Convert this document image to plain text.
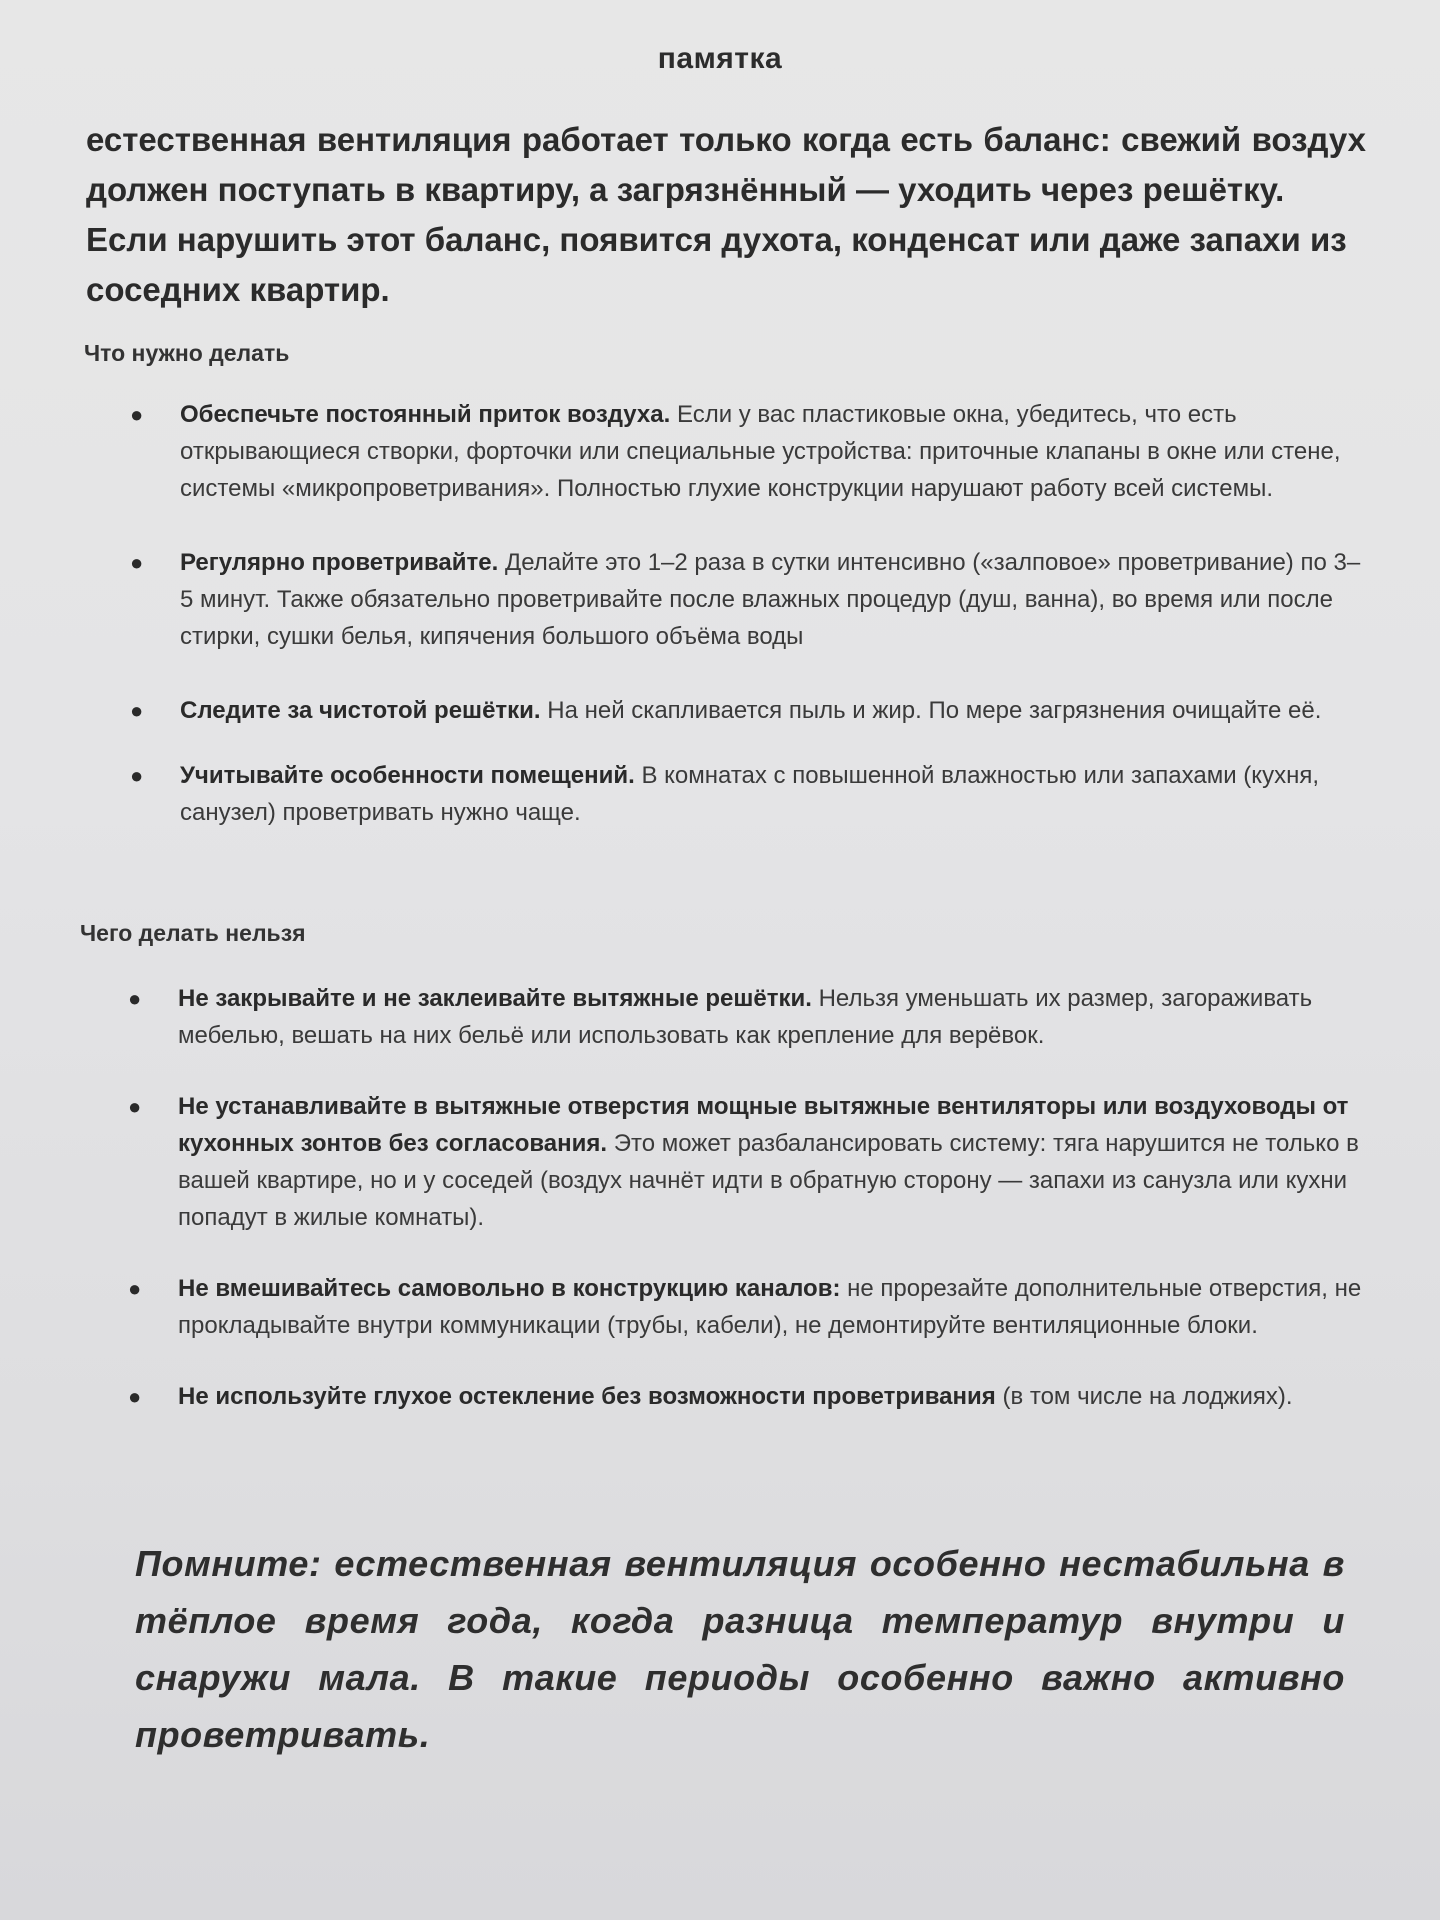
памятка
естественная вентиляция работает только когда есть баланс: свежий воздух
должен поступать в квартиру, а загрязнённый — уходить через решётку.
Если нарушить этот баланс, появится духота, конденсат или даже запахи из
соседних квартир.
Что нужно делать
● Обеспечьте постоянный приток воздуха. Если у вас пластиковые окна, убедитесь, что есть открывающиеся створки, форточки или специальные устройства: приточные клапаны в окне или стене, системы «микропроветривания». Полностью глухие конструкции нарушают работу всей системы.
● Регулярно проветривайте. Делайте это 1–2 раза в сутки интенсивно («залповое» проветривание) по 3–5 минут. Также обязательно проветривайте после влажных процедур (душ, ванна), во время или после стирки, сушки белья, кипячения большого объёма воды
● Следите за чистотой решётки. На ней скапливается пыль и жир. По мере загрязнения очищайте её.
● Учитывайте особенности помещений. В комнатах с повышенной влажностью или запахами (кухня, санузел) проветривать нужно чаще.
Чего делать нельзя
● Не закрывайте и не заклеивайте вытяжные решётки. Нельзя уменьшать их размер, загораживать мебелью, вешать на них бельё или использовать как крепление для верёвок.
● Не устанавливайте в вытяжные отверстия мощные вытяжные вентиляторы или воздуховоды от кухонных зонтов без согласования. Это может разбалансировать систему: тяга нарушится не только в вашей квартире, но и у соседей (воздух начнёт идти в обратную сторону — запахи из санузла или кухни попадут в жилые комнаты).
● Не вмешивайтесь самовольно в конструкцию каналов: не прорезайте дополнительные отверстия, не прокладывайте внутри коммуникации (трубы, кабели), не демонтируйте вентиляционные блоки.
● Не используйте глухое остекление без возможности проветривания (в том числе на лоджиях).
Помните: естественная вентиляция особенно нестабильна в тёплое время года, когда разница температур внутри и снаружи мала. В такие периоды особенно важно активно проветривать.
